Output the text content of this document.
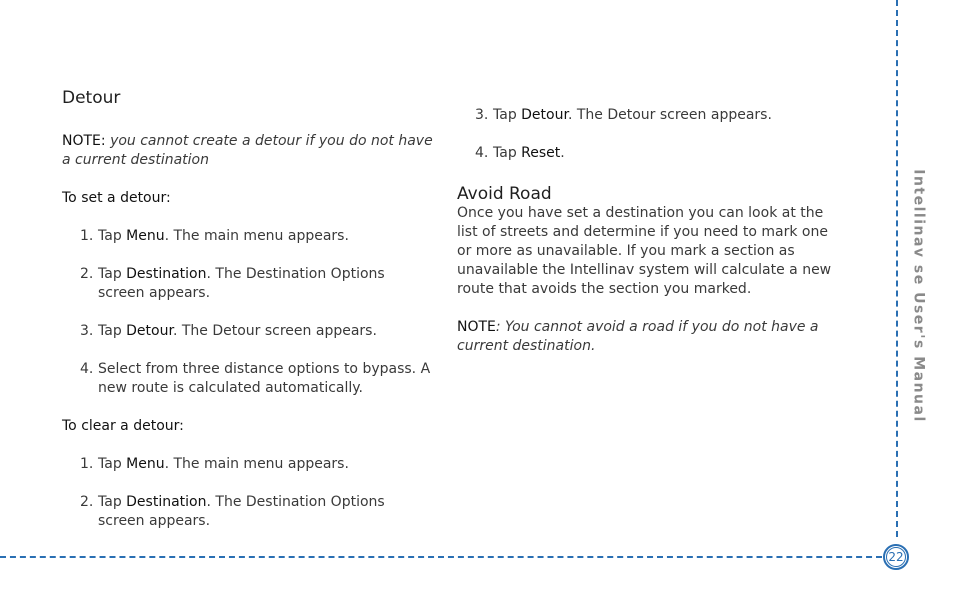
Intellinav se User's Manual
22
Detour

NOTE: you cannot create a detour if you do not have a current destination

To set a detour:

1. Tap Menu. The main menu appears.
2. Tap Destination. The Destination Options screen appears.
3. Tap Detour. The Detour screen appears.
4. Select from three distance options to bypass. A new route is calculated automatically.

To clear a detour:

1. Tap Menu. The main menu appears.
2. Tap Destination. The Destination Options screen appears.
3. Tap Detour. The Detour screen appears.
4. Tap Reset.
Avoid Road

Once you have set a destination you can look at the list of streets and determine if you need to mark one or more as unavailable. If you mark a section as unavailable the Intellinav system will calculate a new route that avoids the section you marked.

NOTE: You cannot avoid a road if you do not have a current destination.
